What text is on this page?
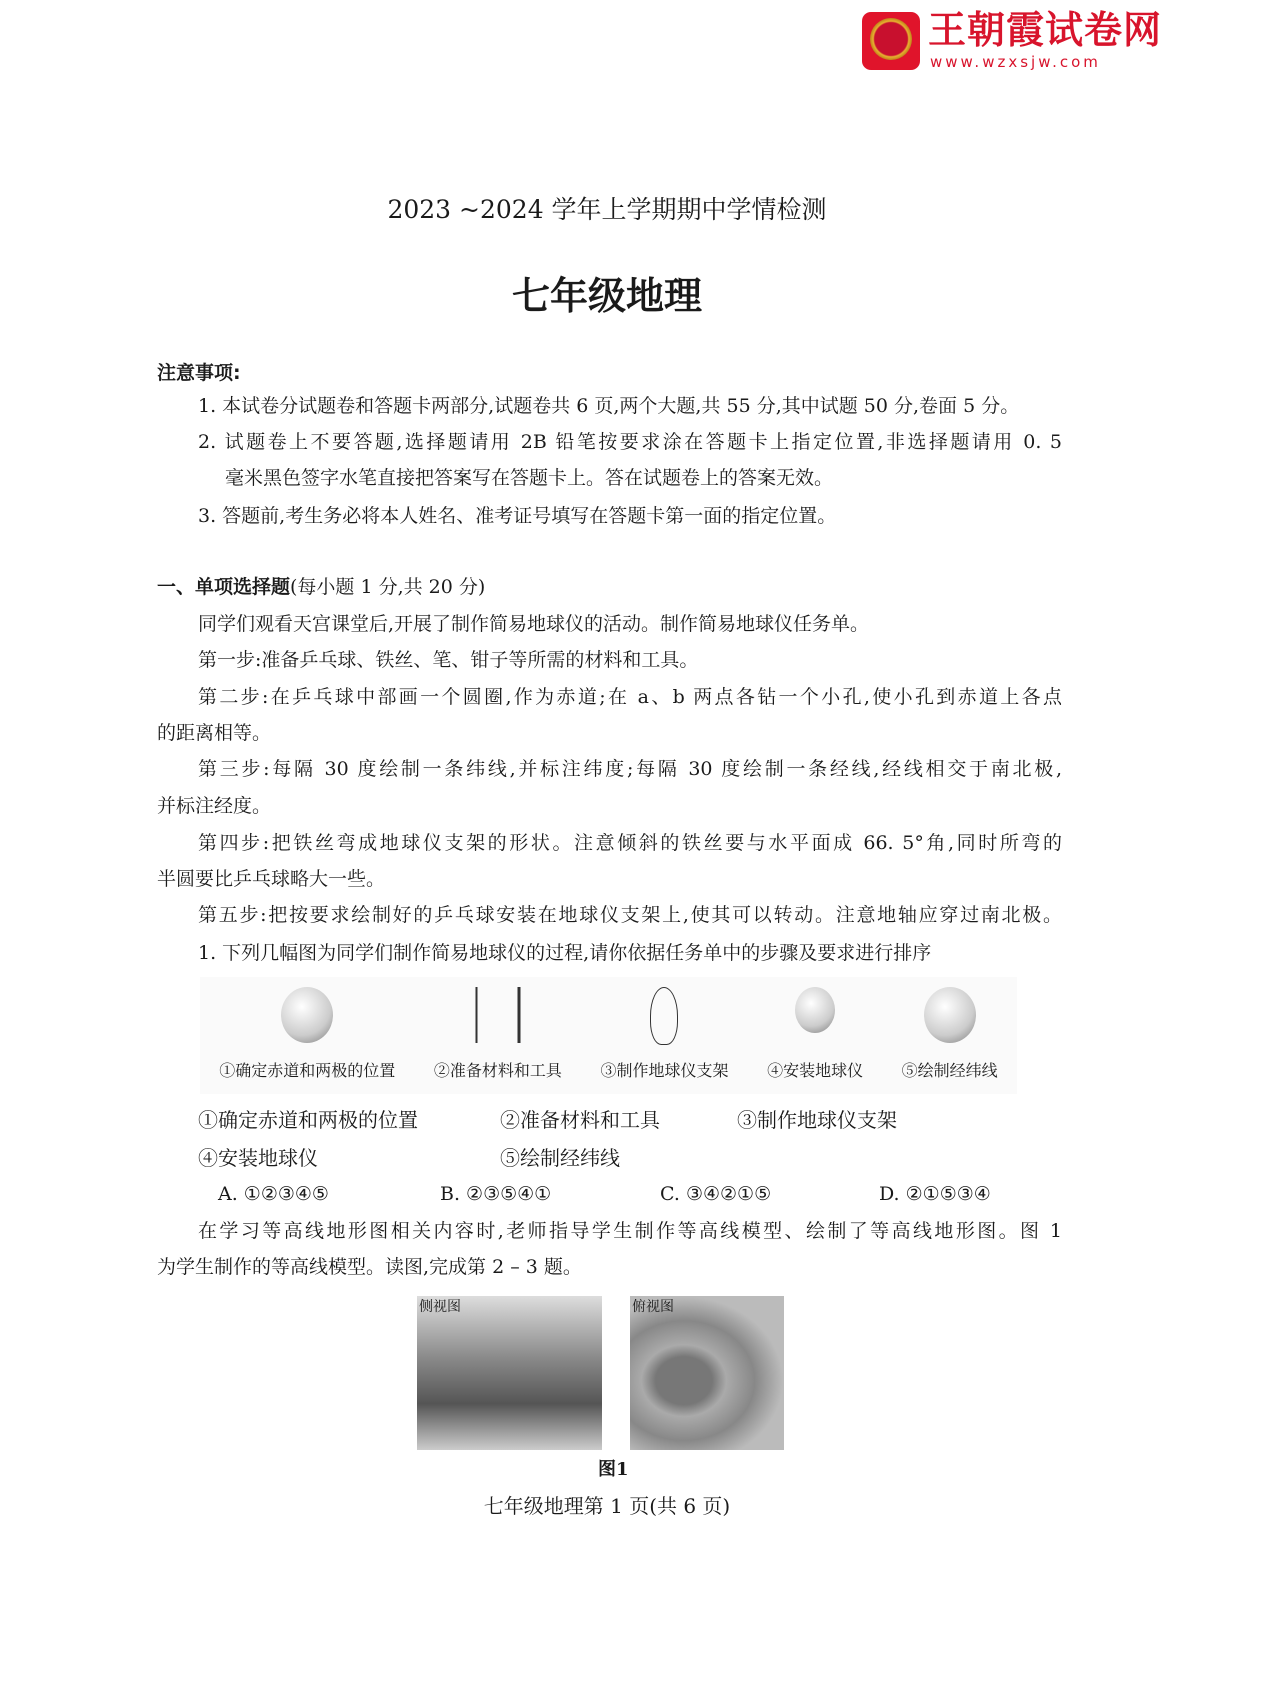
王朝霞试卷网
www.wzxsjw.com
2023 ~2024 学年上学期期中学情检测
七年级地理
注意事项:
1. 本试卷分试题卷和答题卡两部分,试题卷共 6 页,两个大题,共 55 分,其中试题 50 分,卷面 5 分。
2. 试题卷上不要答题,选择题请用 2B 铅笔按要求涂在答题卡上指定位置,非选择题请用 0. 5
毫米黑色签字水笔直接把答案写在答题卡上。答在试题卷上的答案无效。
3. 答题前,考生务必将本人姓名、准考证号填写在答题卡第一面的指定位置。
一、单项选择题(每小题 1 分,共 20 分)
同学们观看天宫课堂后,开展了制作简易地球仪的活动。制作简易地球仪任务单。
第一步:准备乒乓球、铁丝、笔、钳子等所需的材料和工具。
第二步:在乒乓球中部画一个圆圈,作为赤道;在 a、b 两点各钻一个小孔,使小孔到赤道上各点
的距离相等。
第三步:每隔 30 度绘制一条纬线,并标注纬度;每隔 30 度绘制一条经线,经线相交于南北极,
并标注经度。
第四步:把铁丝弯成地球仪支架的形状。注意倾斜的铁丝要与水平面成 66. 5°角,同时所弯的
半圆要比乒乓球略大一些。
第五步:把按要求绘制好的乒乓球安装在地球仪支架上,使其可以转动。注意地轴应穿过南北极。
1. 下列几幅图为同学们制作简易地球仪的过程,请你依据任务单中的步骤及要求进行排序
①确定赤道和两极的位置 ②准备材料和工具 ③制作地球仪支架 ④安装地球仪 ⑤绘制经纬线
①确定赤道和两极的位置	②准备材料和工具	③制作地球仪支架
④安装地球仪	⑤绘制经纬线
A. ①②③④⑤	B. ②③⑤④①	C. ③④②①⑤	D. ②①⑤③④
在学习等高线地形图相关内容时,老师指导学生制作等高线模型、绘制了等高线地形图。图 1
为学生制作的等高线模型。读图,完成第 2 – 3 题。
侧视图	俯视图
图1
七年级地理第 1 页(共 6 页)
